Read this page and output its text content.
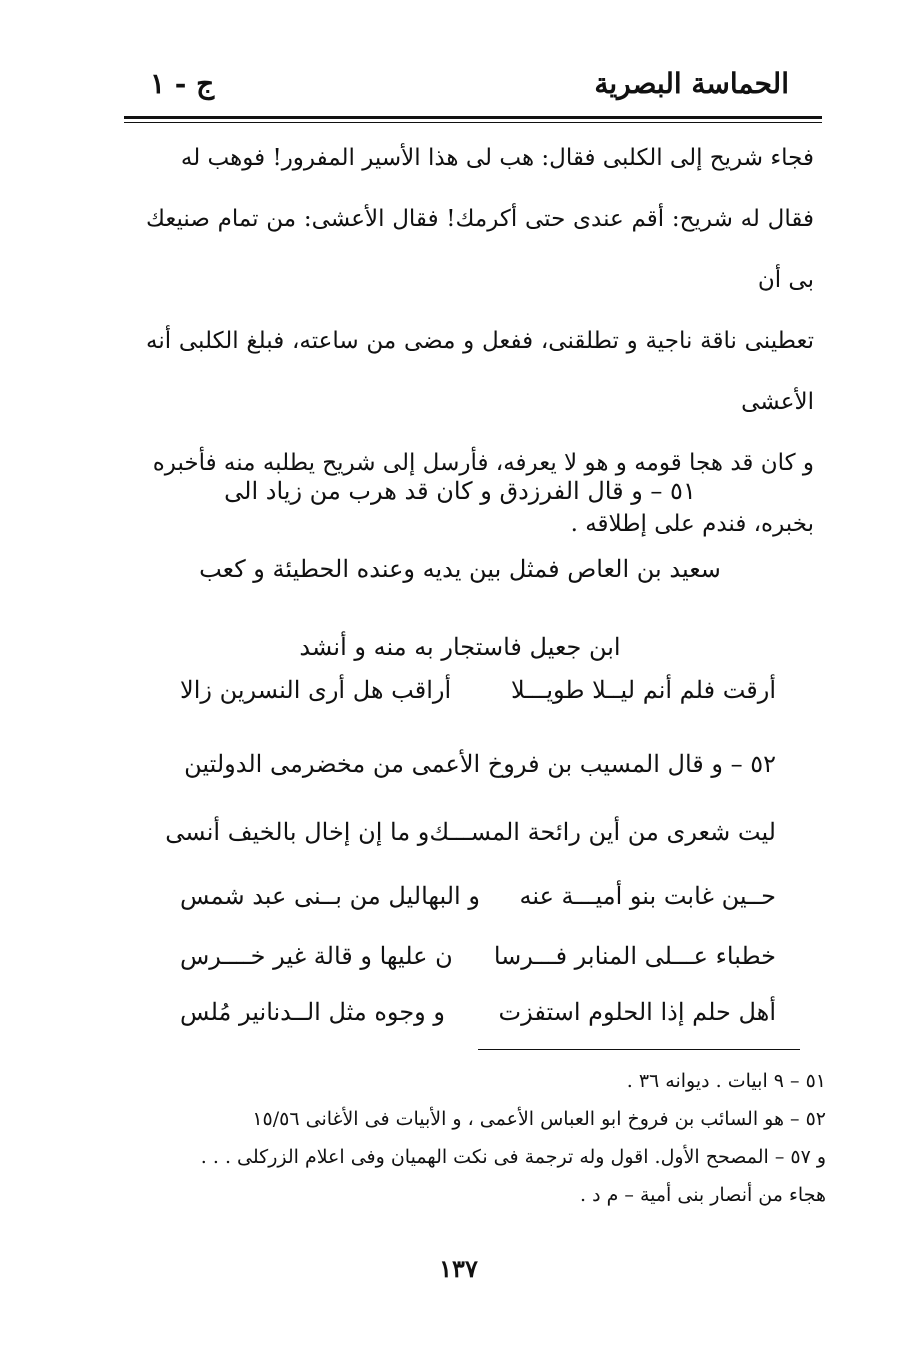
الحماسة البصرية
ج - ١

فجاء شريح إلى الكلبى فقال: هب لى هذا الأسير المفرور! فوهب له

فقال له شريح: أقم عندى حتى أكرمك! فقال الأعشى: من تمام صنيعك بى أن

تعطينى ناقة ناجية و تطلقنى، ففعل و مضى من ساعته، فبلغ الكلبى أنه الأعشى

و كان قد هجا قومه و هو لا يعرفه، فأرسل إلى شريح يطلبه منه فأخبره

بخبره، فندم على إطلاقه .

٥١ – و قال الفرزدق و كان قد هرب من زياد الى
سعيد بن العاص فمثل بين يديه وعنده الحطيئة و كعب
ابن جعيل فاستجار به منه و أنشد
أرقت فلم أنم ليــلا طويـــلا
أراقب هل أرى النسرين زالا
٥٢ – و قال المسيب بن فروخ الأعمى من مخضرمى الدولتين
ليت شعرى من أين رائحة المســـك
و ما إن إخال بالخيف أنسى
حــين غابت بنو أميـــة عنه
و البهاليل من بــنى عبد شمس
خطباء عـــلى المنابر فـــرسا
ن عليها و قالة غير خــــرس
أهل حلم إذا الحلوم استفزت
و وجوه مثل الــدنانير مُلس

٥١ – ٩ ابيات . ديوانه ٣٦ .

٥٢ – هو السائب بن فروخ ابو العباس الأعمى ، و الأبيات فى الأغانى ١٥/٥٦

و ٥٧ – المصحح الأول. اقول وله ترجمة فى نكت الهميان وفى اعلام الزركلى . . .

هجاء من أنصار بنى أمية – م د .

١٣٧
